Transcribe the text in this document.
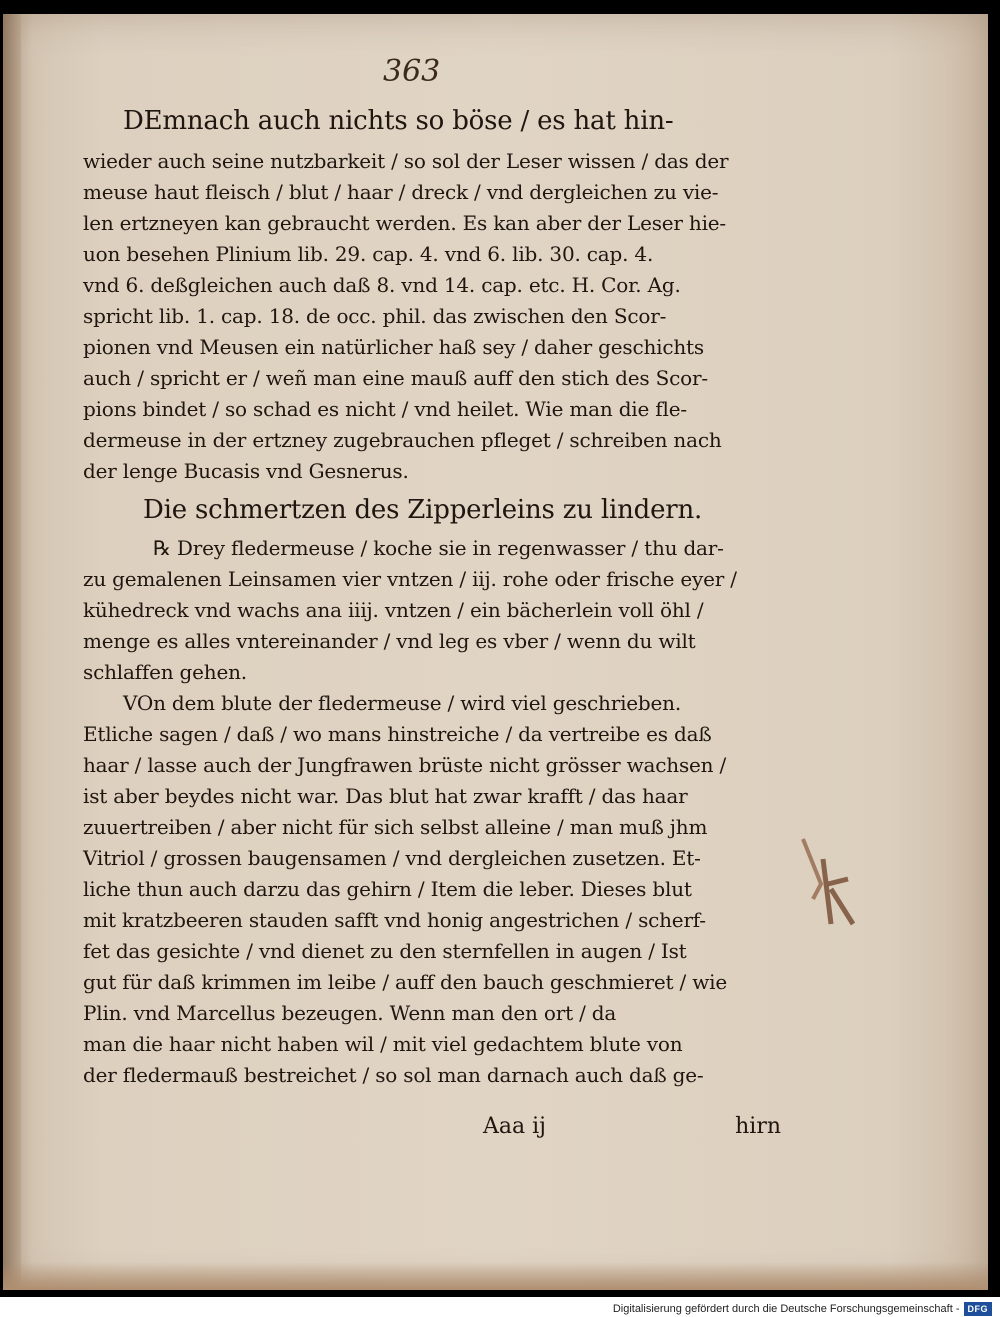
363
DEmnach auch nichts so böse / es hat hin-
wieder auch seine nutzbarkeit / so sol der Leser wissen / das der
meuse haut fleisch / blut / haar / dreck / vnd dergleichen zu vie-
len ertzneyen kan gebraucht werden. Es kan aber der Leser hie-
uon besehen Plinium lib. 29. cap. 4. vnd 6. lib. 30. cap. 4.
vnd 6. deßgleichen auch daß 8. vnd 14. cap. etc. H. Cor. Ag.
spricht lib. 1. cap. 18. de occ. phil. das zwischen den Scor-
pionen vnd Meusen ein natürlicher haß sey / daher geschichts
auch / spricht er / weñ man eine mauß auff den stich des Scor-
pions bindet / so schad es nicht / vnd heilet. Wie man die fle-
dermeuse in der ertzney zugebrauchen pfleget / schreiben nach
der lenge Bucasis vnd Gesnerus.
Die schmertzen des Zipperleins zu lindern.
℞ Drey fledermeuse / koche sie in regenwasser / thu dar-
zu gemalenen Leinsamen vier vntzen / iij. rohe oder frische eyer /
kühedreck vnd wachs ana iiij. vntzen / ein bächerlein voll öhl /
menge es alles vntereinander / vnd leg es vber / wenn du wilt
schlaffen gehen.
VOn dem blute der fledermeuse / wird viel geschrieben.
Etliche sagen / daß / wo mans hinstreiche / da vertreibe es daß
haar / lasse auch der Jungfrawen brüste nicht grösser wachsen /
ist aber beydes nicht war. Das blut hat zwar krafft / das haar
zuuertreiben / aber nicht für sich selbst alleine / man muß jhm
Vitriol / grossen baugensamen / vnd dergleichen zusetzen. Et-
liche thun auch darzu das gehirn / Item die leber. Dieses blut
mit kratzbeeren stauden safft vnd honig angestrichen / scherf-
fet das gesichte / vnd dienet zu den sternfellen in augen / Ist
gut für daß krimmen im leibe / auff den bauch geschmieret / wie
Plin. vnd Marcellus bezeugen. Wenn man den ort / da
man die haar nicht haben wil / mit viel gedachtem blute von
der fledermauß bestreichet / so sol man darnach auch daß ge-
Aaa ij	hirn
Digitalisierung gefördert durch die Deutsche Forschungsgemeinschaft - DFG
